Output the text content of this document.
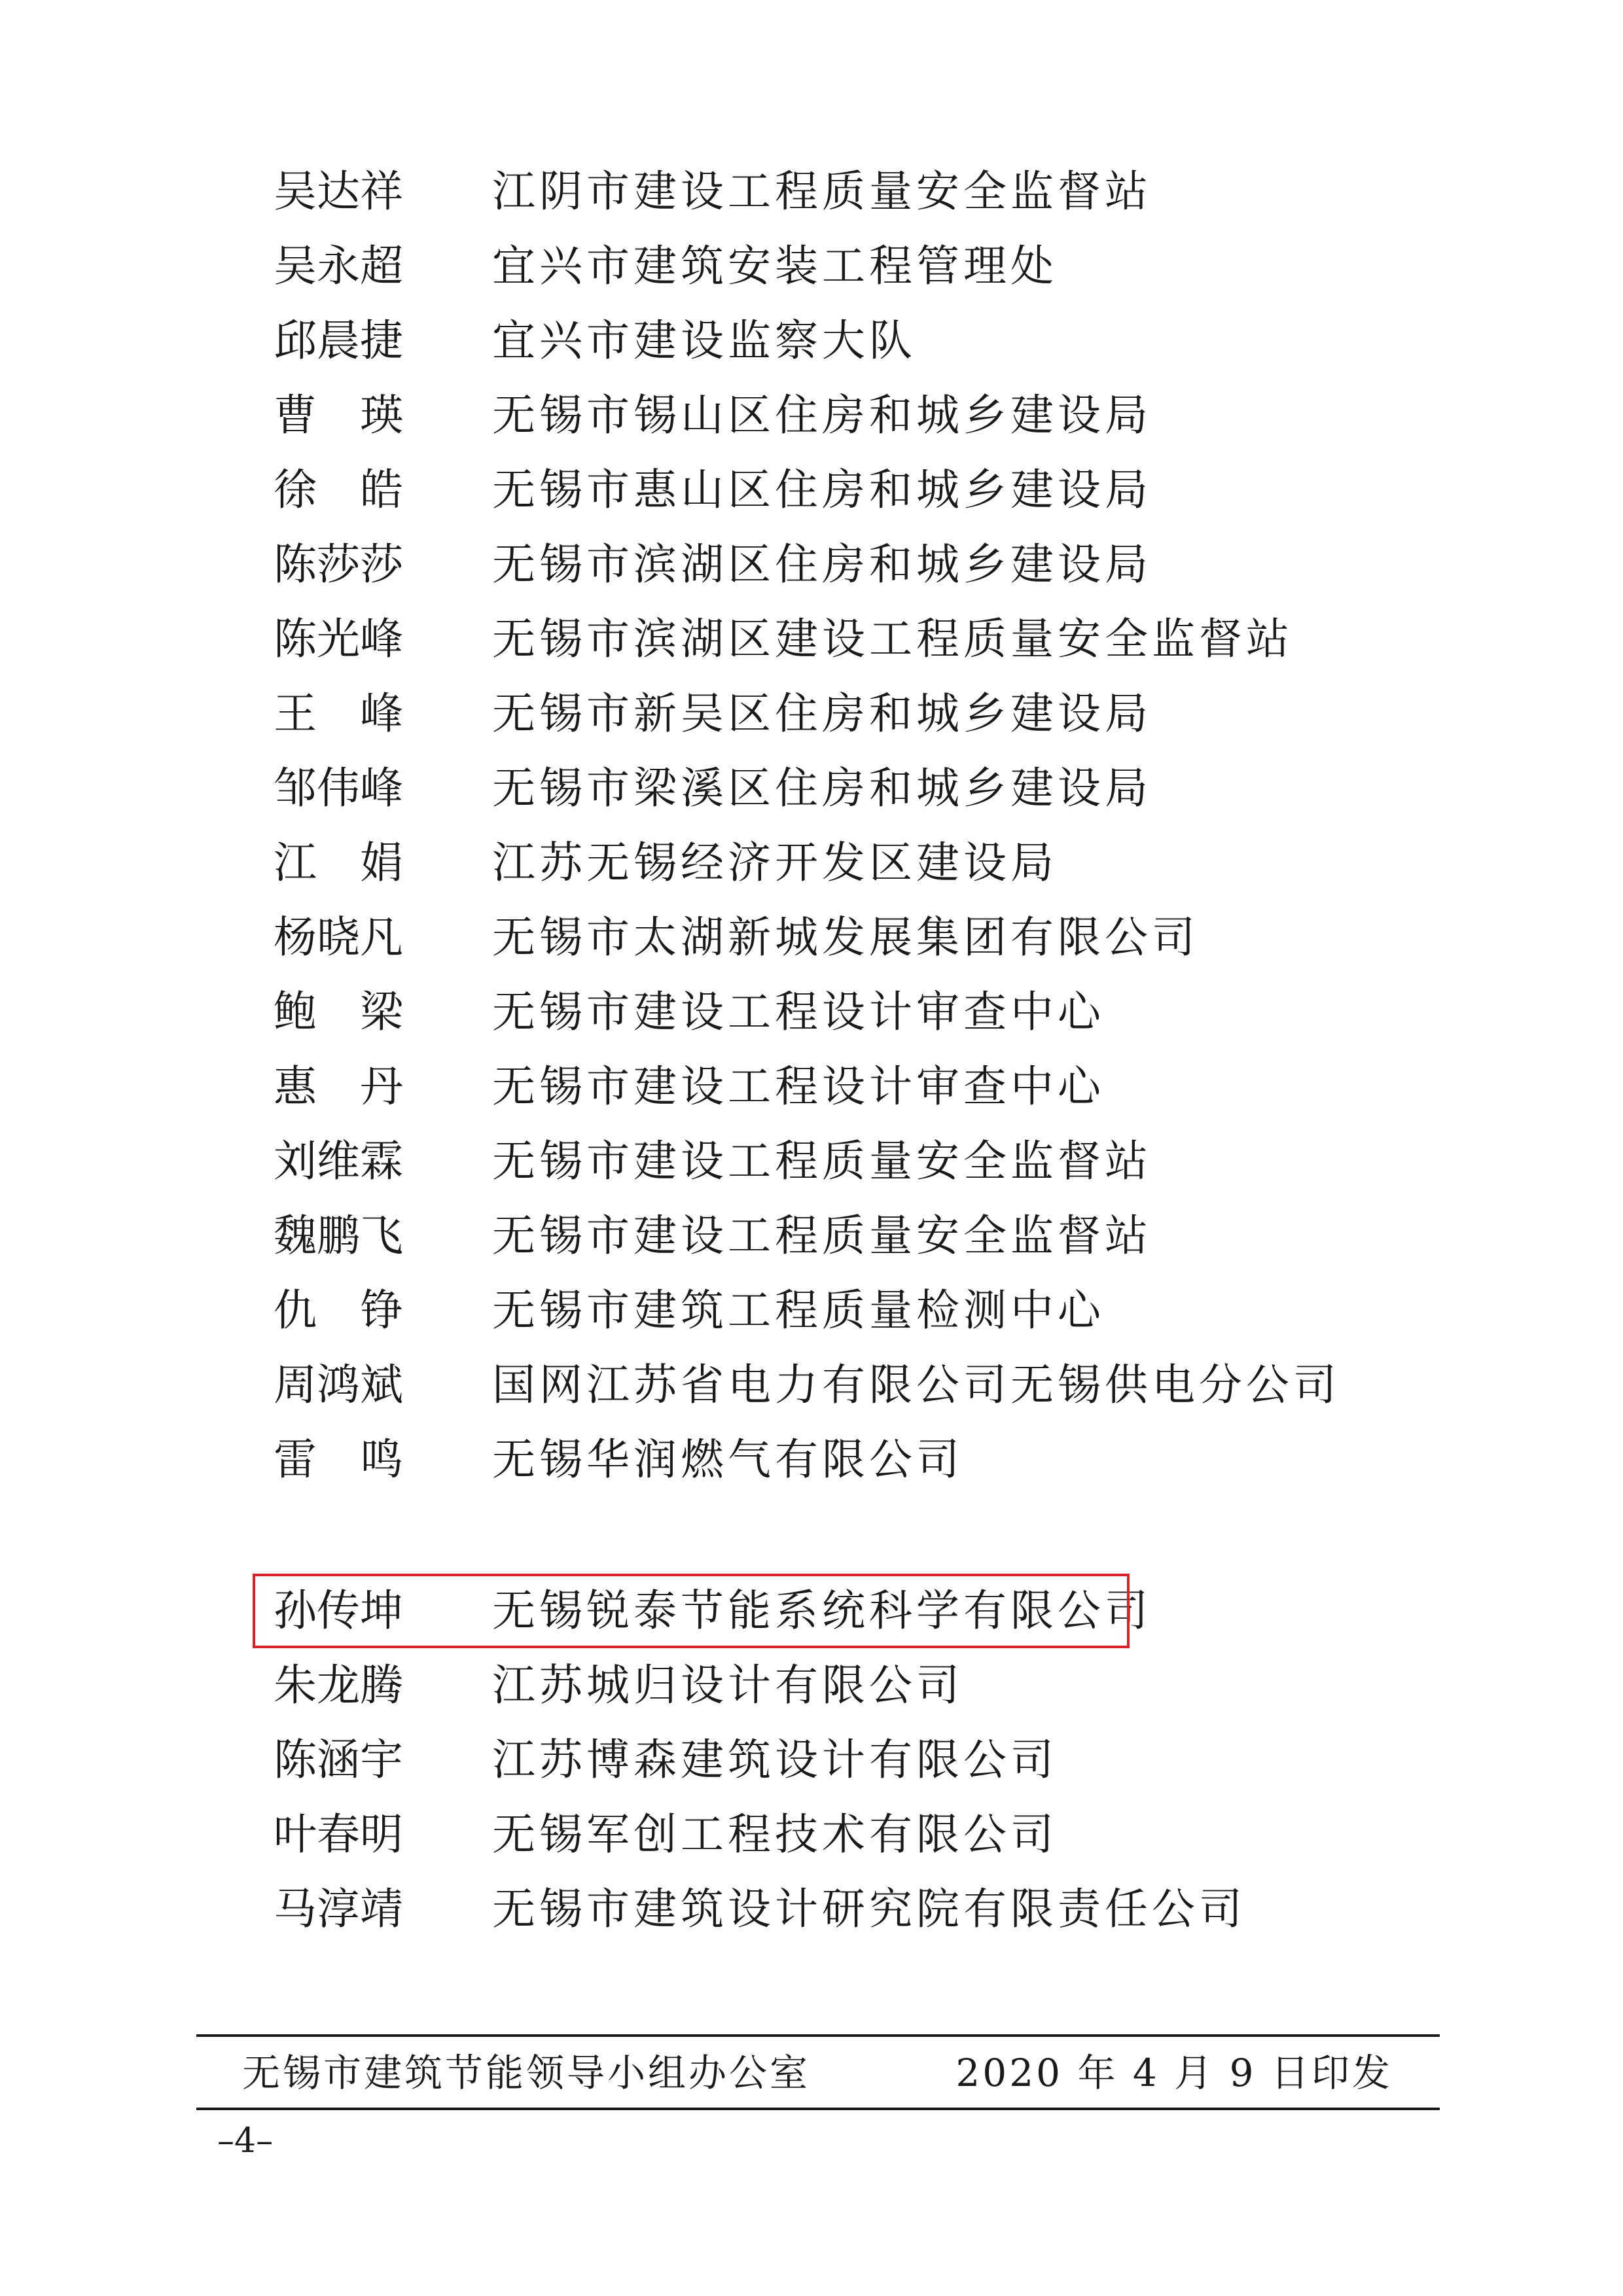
吴达祥 江阴市建设工程质量安全监督站
吴永超 宜兴市建筑安装工程管理处
邱晨捷 宜兴市建设监察大队
曹　瑛 无锡市锡山区住房和城乡建设局
徐　皓 无锡市惠山区住房和城乡建设局
陈莎莎 无锡市滨湖区住房和城乡建设局
陈光峰 无锡市滨湖区建设工程质量安全监督站
王　峰 无锡市新吴区住房和城乡建设局
邹伟峰 无锡市梁溪区住房和城乡建设局
江　娟 江苏无锡经济开发区建设局
杨晓凡 无锡市太湖新城发展集团有限公司
鲍　梁 无锡市建设工程设计审查中心
惠　丹 无锡市建设工程设计审查中心
刘维霖 无锡市建设工程质量安全监督站
魏鹏飞 无锡市建设工程质量安全监督站
仇　铮 无锡市建筑工程质量检测中心
周鸿斌 国网江苏省电力有限公司无锡供电分公司
雷　鸣 无锡华润燃气有限公司
孙传坤 无锡锐泰节能系统科学有限公司
朱龙腾 江苏城归设计有限公司
陈涵宇 江苏博森建筑设计有限公司
叶春明 无锡军创工程技术有限公司
马淳靖 无锡市建筑设计研究院有限责任公司
无锡市建筑节能领导小组办公室	2020 年 4 月 9 日印发
–4–
